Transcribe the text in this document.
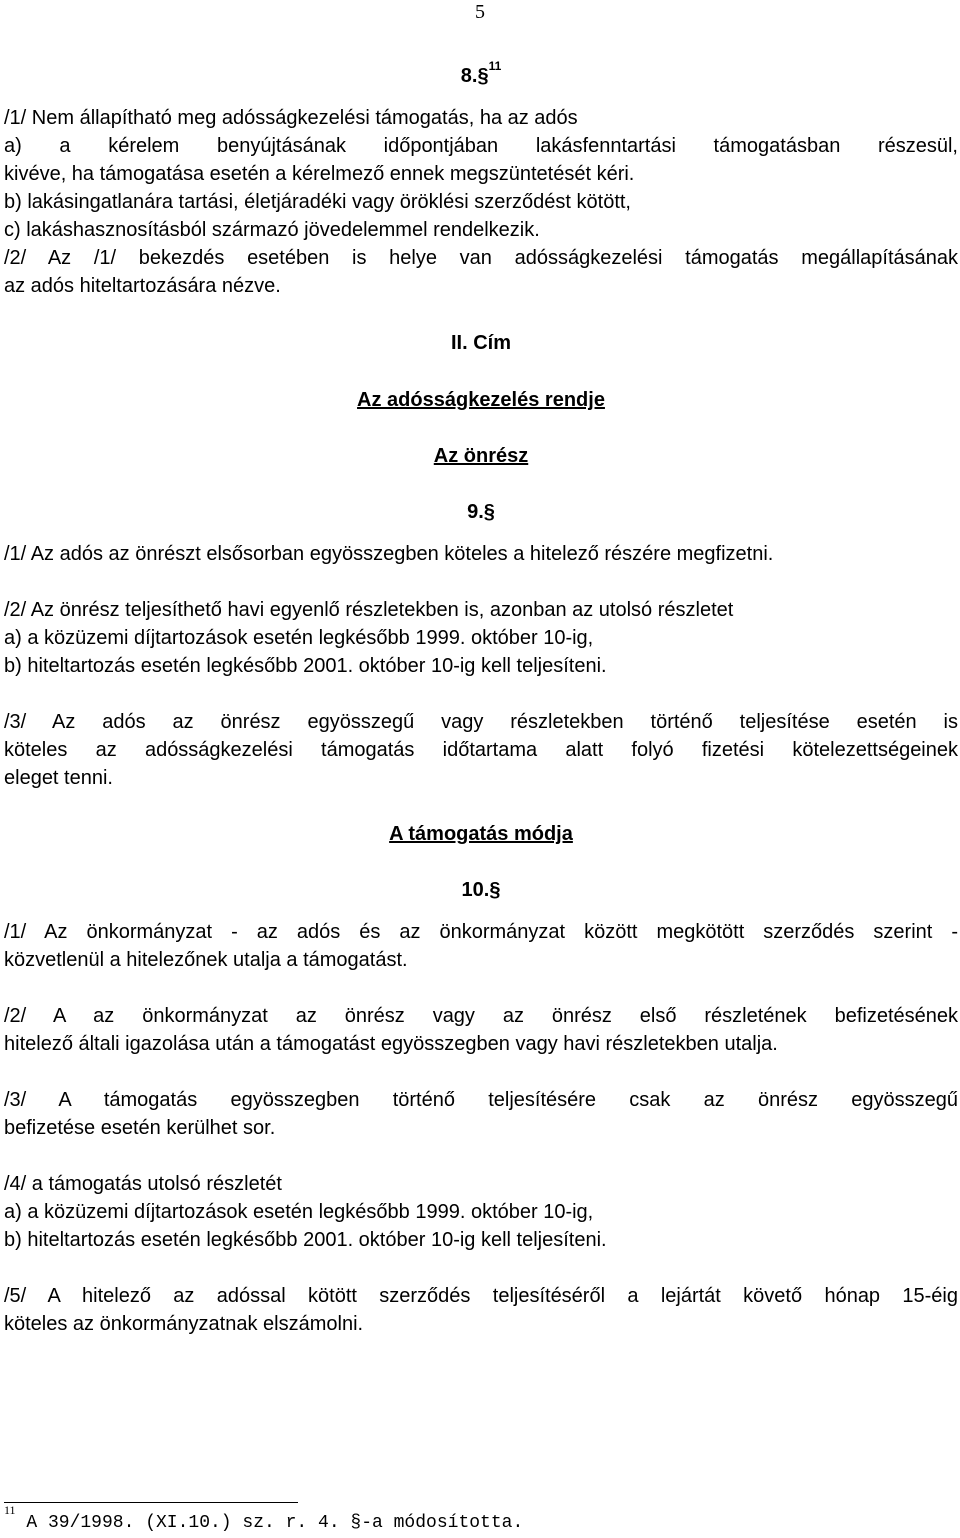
5
8.§$^{11}$

/1/ Nem állapítható meg adósságkezelési támogatás, ha az adós

a) a kérelem benyújtásának időpontjában lakásfenntartási támogatásban részesül,

kivéve, ha támogatása esetén a kérelmező ennek megszüntetését kéri.

b) lakásingatlanára tartási, életjáradéki vagy öröklési szerződést kötött,

c) lakáshasznosításból származó jövedelemmel rendelkezik.

/2/ Az /1/ bekezdés esetében is helye van adósságkezelési támogatás megállapításának

az adós hiteltartozására nézve.

II. Cím
Az adósságkezelés rendje
Az önrész
9.§

/1/ Az adós az önrészt elsősorban egyösszegben köteles a hitelező részére megfizetni.

/2/ Az önrész teljesíthető havi egyenlő részletekben is, azonban az utolsó részletet

a) a közüzemi díjtartozások esetén legkésőbb 1999. október 10-ig,

b) hiteltartozás esetén legkésőbb 2001. október 10-ig kell teljesíteni.

/3/ Az adós az önrész egyösszegű vagy részletekben történő teljesítése esetén is

köteles az adósságkezelési támogatás időtartama alatt folyó fizetési kötelezettségeinek

eleget tenni.

A támogatás módja
10.§

/1/ Az önkormányzat - az adós és az önkormányzat között megkötött szerződés szerint -

közvetlenül a hitelezőnek utalja a támogatást.

/2/ A az önkormányzat az önrész vagy az önrész első részletének befizetésének

hitelező általi igazolása után a támogatást egyösszegben vagy havi részletekben utalja.

/3/ A támogatás egyösszegben történő teljesítésére csak az önrész egyösszegű

befizetése esetén kerülhet sor.

/4/ a támogatás utolsó részletét

a) a közüzemi díjtartozások esetén legkésőbb 1999. október 10-ig,

b) hiteltartozás esetén legkésőbb 2001. október 10-ig kell teljesíteni.

/5/ A hitelező az adóssal kötött szerződés teljesítéséről a lejártát követő hónap 15-éig

köteles az önkormányzatnak elszámolni.

$^{11}$ A 39/1998. (XI.10.) sz. r. 4. §-a módosította.
